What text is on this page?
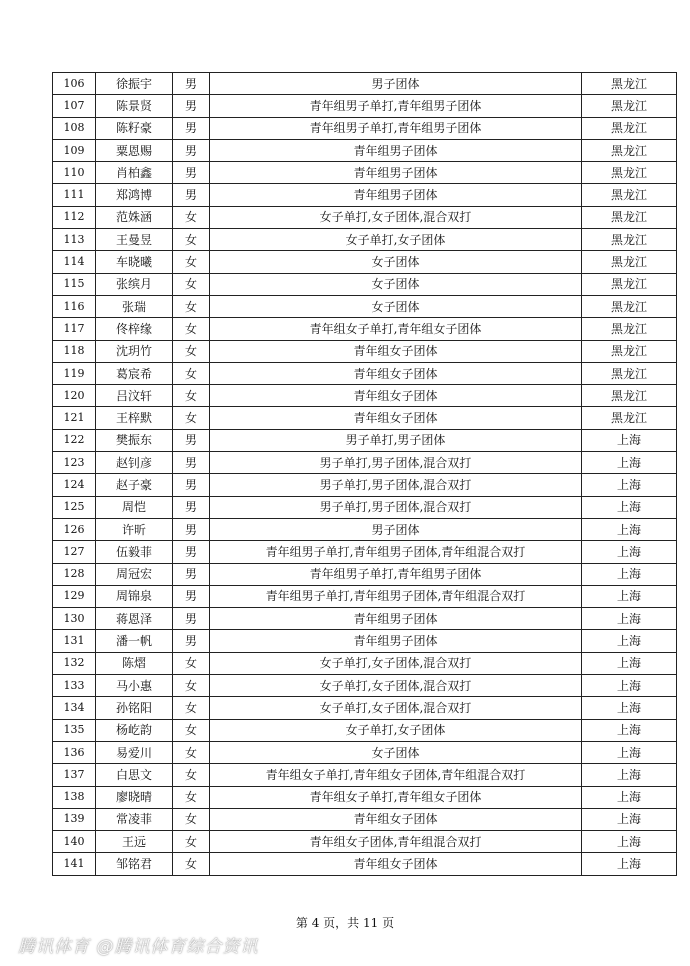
106	徐振宇	男	男子团体	黑龙江
107	陈景贤	男	青年组男子单打,青年组男子团体	黑龙江
108	陈籽豪	男	青年组男子单打,青年组男子团体	黑龙江
109	粟恩赐	男	青年组男子团体	黑龙江
110	肖柏鑫	男	青年组男子团体	黑龙江
111	郑鸿博	男	青年组男子团体	黑龙江
112	范姝涵	女	女子单打,女子团体,混合双打	黑龙江
113	王曼昱	女	女子单打,女子团体	黑龙江
114	车晓曦	女	女子团体	黑龙江
115	张缤月	女	女子团体	黑龙江
116	张瑞	女	女子团体	黑龙江
117	佟梓缘	女	青年组女子单打,青年组女子团体	黑龙江
118	沈玥竹	女	青年组女子团体	黑龙江
119	葛宸希	女	青年组女子团体	黑龙江
120	吕汶轩	女	青年组女子团体	黑龙江
121	王梓默	女	青年组女子团体	黑龙江
122	樊振东	男	男子单打,男子团体	上海
123	赵钊彦	男	男子单打,男子团体,混合双打	上海
124	赵子豪	男	男子单打,男子团体,混合双打	上海
125	周恺	男	男子单打,男子团体,混合双打	上海
126	许昕	男	男子团体	上海
127	伍毅菲	男	青年组男子单打,青年组男子团体,青年组混合双打	上海
128	周冠宏	男	青年组男子单打,青年组男子团体	上海
129	周锦泉	男	青年组男子单打,青年组男子团体,青年组混合双打	上海
130	蒋恩泽	男	青年组男子团体	上海
131	潘一帆	男	青年组男子团体	上海
132	陈熠	女	女子单打,女子团体,混合双打	上海
133	马小惠	女	女子单打,女子团体,混合双打	上海
134	孙铭阳	女	女子单打,女子团体,混合双打	上海
135	杨屹韵	女	女子单打,女子团体	上海
136	易爱川	女	女子团体	上海
137	白思文	女	青年组女子单打,青年组女子团体,青年组混合双打	上海
138	廖晓晴	女	青年组女子单打,青年组女子团体	上海
139	常凌菲	女	青年组女子团体	上海
140	王远	女	青年组女子团体,青年组混合双打	上海
141	邹铭君	女	青年组女子团体	上海
第 4 页，共 11 页
腾讯体育 @腾讯体育综合资讯
